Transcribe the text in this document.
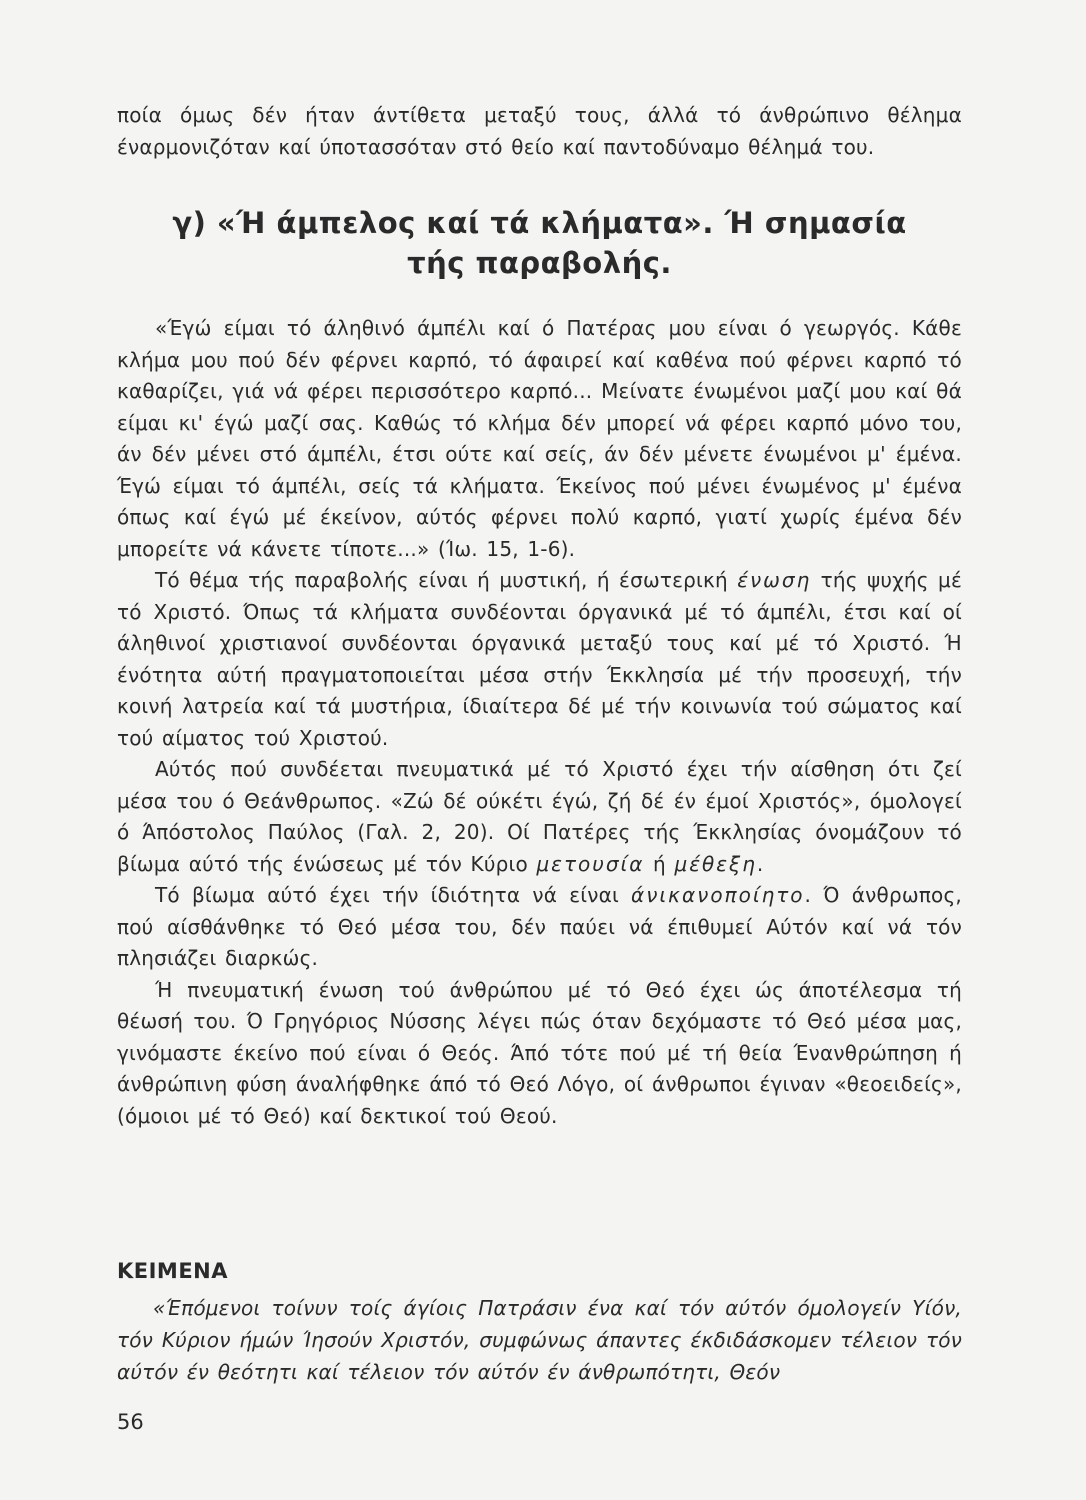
ποία όμως δέν ήταν άντίθετα μεταξύ τους, άλλά τό άνθρώπινο θέλημα έναρμονιζόταν καί ύποτασσόταν στό θείο καί παντοδύναμο θέλημά του.

γ) «Ή άμπελος καί τά κλήματα». Ή σημασία
τής παραβολής.

«Έγώ είμαι τό άληθινό άμπέλι καί ό Πατέρας μου είναι ό γεωργός. Κάθε κλήμα μου πού δέν φέρνει καρπό, τό άφαιρεί καί καθένα πού φέρνει καρπό τό καθαρίζει, γιά νά φέρει περισσότερο καρπό... Μείνατε ένωμένοι μαζί μου καί θά είμαι κι' έγώ μαζί σας. Καθώς τό κλήμα δέν μπορεί νά φέρει καρπό μόνο του, άν δέν μένει στό άμπέλι, έτσι ούτε καί σείς, άν δέν μένετε ένωμένοι μ' έμένα. Έγώ είμαι τό άμπέλι, σείς τά κλήματα. Έκείνος πού μένει ένωμένος μ' έμένα όπως καί έγώ μέ έκείνον, αύτός φέρνει πολύ καρπό, γιατί χωρίς έμένα δέν μπορείτε νά κάνετε τίποτε...» (Ίω. 15, 1-6).

Τό θέμα τής παραβολής είναι ή μυστική, ή έσωτερική ένωση τής ψυχής μέ τό Χριστό. Όπως τά κλήματα συνδέονται όργανικά μέ τό άμπέλι, έτσι καί οί άληθινοί χριστιανοί συνδέονται όργανικά μεταξύ τους καί μέ τό Χριστό. Ή ένότητα αύτή πραγματοποιείται μέσα στήν Έκκλησία μέ τήν προσευχή, τήν κοινή λατρεία καί τά μυστήρια, ίδιαίτερα δέ μέ τήν κοινωνία τού σώματος καί τού αίματος τού Χριστού.

Αύτός πού συνδέεται πνευματικά μέ τό Χριστό έχει τήν αίσθηση ότι ζεί μέσα του ό Θεάνθρωπος. «Ζώ δέ ούκέτι έγώ, ζή δέ έν έμοί Χριστός», όμολογεί ό Άπόστολος Παύλος (Γαλ. 2, 20). Οί Πατέρες τής Έκκλησίας όνομάζουν τό βίωμα αύτό τής ένώσεως μέ τόν Κύριο μετουσία ή μέθεξη.

Τό βίωμα αύτό έχει τήν ίδιότητα νά είναι άνικανοποίητο. Ό άνθρωπος, πού αίσθάνθηκε τό Θεό μέσα του, δέν παύει νά έπιθυμεί Αύτόν καί νά τόν πλησιάζει διαρκώς.

Ή πνευματική ένωση τού άνθρώπου μέ τό Θεό έχει ώς άποτέλεσμα τή θέωσή του. Ό Γρηγόριος Νύσσης λέγει πώς όταν δεχόμαστε τό Θεό μέσα μας, γινόμαστε έκείνο πού είναι ό Θεός. Άπό τότε πού μέ τή θεία Ένανθρώπηση ή άνθρώπινη φύση άναλήφθηκε άπό τό Θεό Λόγο, οί άνθρωποι έγιναν «θεοειδείς», (όμοιοι μέ τό Θεό) καί δεκτικοί τού Θεού.

ΚΕΙΜΕΝΑ

«Έπόμενοι τοίνυν τοίς άγίοις Πατράσιν ένα καί τόν αύτόν όμολογείν Υίόν, τόν Κύριον ήμών Ίησούν Χριστόν, συμφώνως άπαντες έκδιδάσκομεν τέλειον τόν αύτόν έν θεότητι καί τέλειον τόν αύτόν έν άνθρωπότητι, Θεόν

56
